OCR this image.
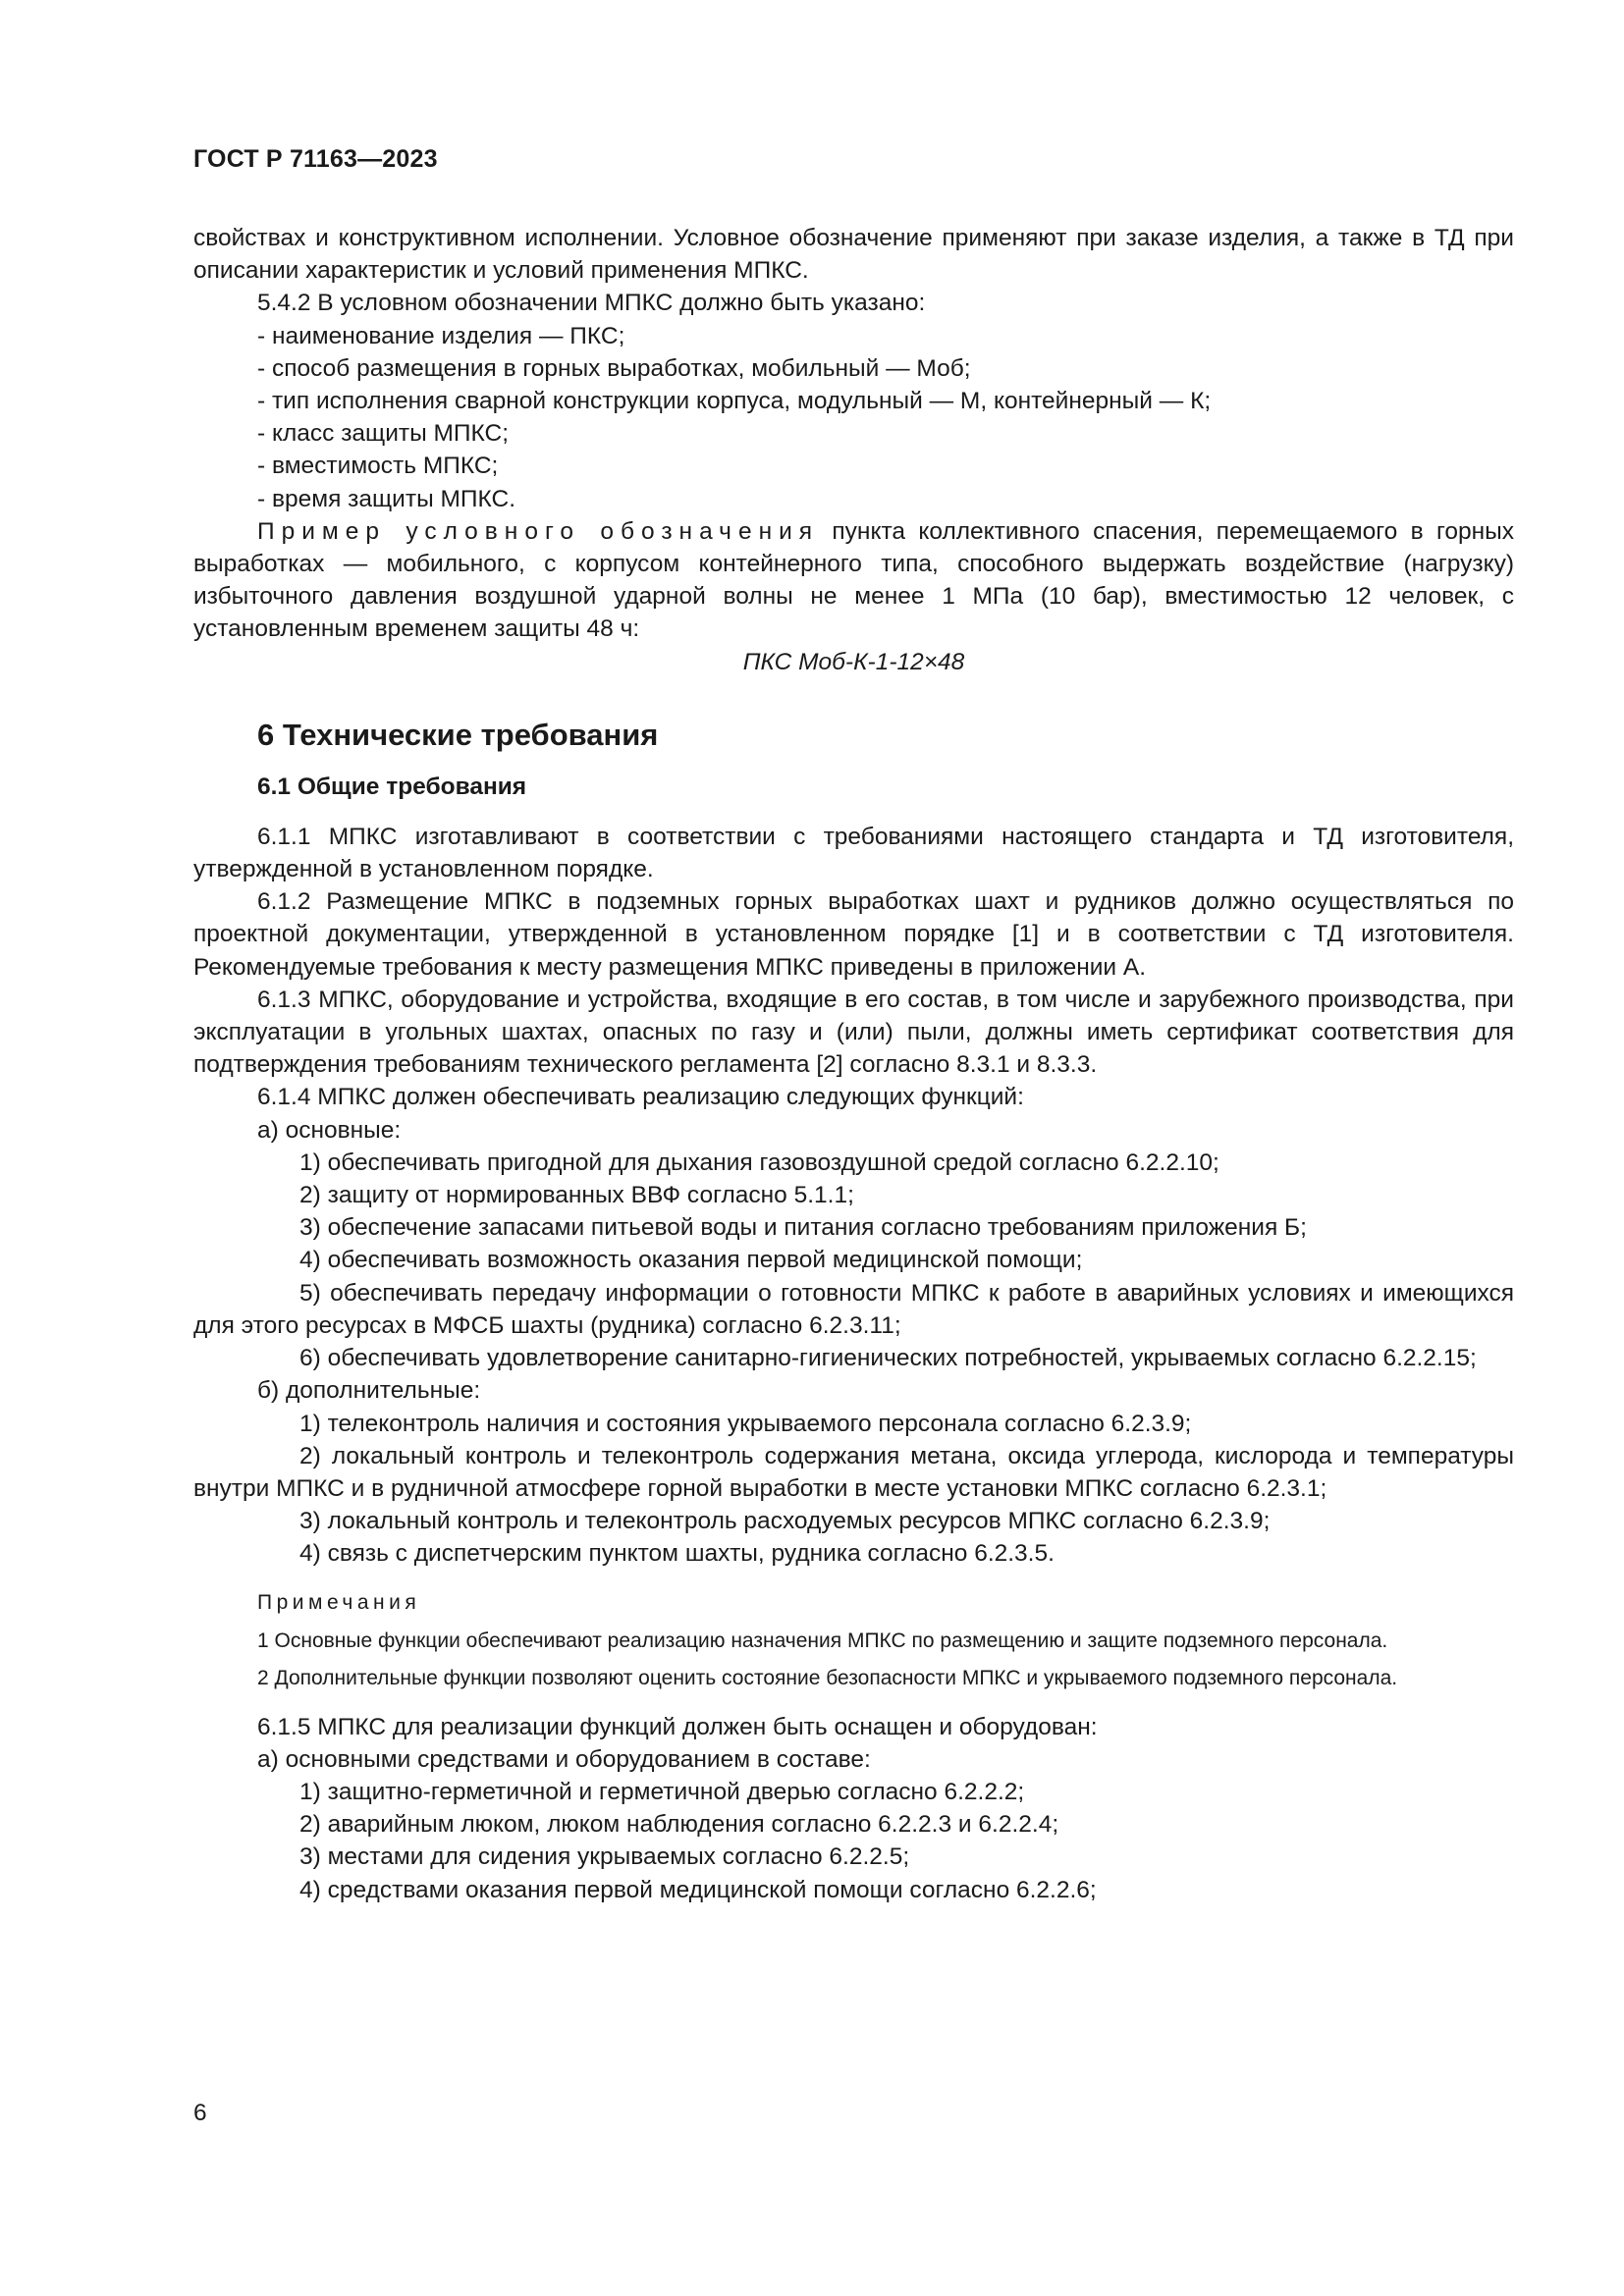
ГОСТ Р 71163—2023

свойствах и конструктивном исполнении. Условное обозначение применяют при заказе изделия, а также в ТД при описании характеристик и условий применения МПКС.

5.4.2 В условном обозначении МПКС должно быть указано:

- наименование изделия — ПКС;

- способ размещения в горных выработках, мобильный — Моб;

- тип исполнения сварной конструкции корпуса, модульный — М, контейнерный — К;

- класс защиты МПКС;

- вместимость МПКС;

- время защиты МПКС.

Пример условного обозначения пункта коллективного спасения, перемещаемого в горных выработках — мобильного, с корпусом контейнерного типа, способного выдержать воздействие (нагрузку) избыточного давления воздушной ударной волны не менее 1 МПа (10 бар), вместимостью 12 человек, с установленным временем защиты 48 ч:

ПКС Моб-К-1-12×48

6 Технические требования
6.1 Общие требования

6.1.1 МПКС изготавливают в соответствии с требованиями настоящего стандарта и ТД изготовителя, утвержденной в установленном порядке.

6.1.2 Размещение МПКС в подземных горных выработках шахт и рудников должно осуществляться по проектной документации, утвержденной в установленном порядке [1] и в соответствии с ТД изготовителя. Рекомендуемые требования к месту размещения МПКС приведены в приложении А.

6.1.3 МПКС, оборудование и устройства, входящие в его состав, в том числе и зарубежного производства, при эксплуатации в угольных шахтах, опасных по газу и (или) пыли, должны иметь сертификат соответствия для подтверждения требованиям технического регламента [2] согласно 8.3.1 и 8.3.3.

6.1.4 МПКС должен обеспечивать реализацию следующих функций:

а) основные:

1) обеспечивать пригодной для дыхания газовоздушной средой согласно 6.2.2.10;

2) защиту от нормированных ВВФ согласно 5.1.1;

3) обеспечение запасами питьевой воды и питания согласно требованиям приложения Б;

4) обеспечивать возможность оказания первой медицинской помощи;

5) обеспечивать передачу информации о готовности МПКС к работе в аварийных условиях и имеющихся для этого ресурсах в МФСБ шахты (рудника) согласно 6.2.3.11;

6) обеспечивать удовлетворение санитарно-гигиенических потребностей, укрываемых согласно 6.2.2.15;

б) дополнительные:

1) телеконтроль наличия и состояния укрываемого персонала согласно 6.2.3.9;

2) локальный контроль и телеконтроль содержания метана, оксида углерода, кислорода и температуры внутри МПКС и в рудничной атмосфере горной выработки в месте установки МПКС согласно 6.2.3.1;

3) локальный контроль и телеконтроль расходуемых ресурсов МПКС согласно 6.2.3.9;

4) связь с диспетчерским пунктом шахты, рудника согласно 6.2.3.5.

Примечания

1 Основные функции обеспечивают реализацию назначения МПКС по размещению и защите подземного персонала.

2 Дополнительные функции позволяют оценить состояние безопасности МПКС и укрываемого подземного персонала.

6.1.5 МПКС для реализации функций должен быть оснащен и оборудован:

а) основными средствами и оборудованием в составе:

1) защитно-герметичной и герметичной дверью согласно 6.2.2.2;

2) аварийным люком, люком наблюдения согласно 6.2.2.3 и 6.2.2.4;

3) местами для сидения укрываемых согласно 6.2.2.5;

4) средствами оказания первой медицинской помощи согласно 6.2.2.6;

6
